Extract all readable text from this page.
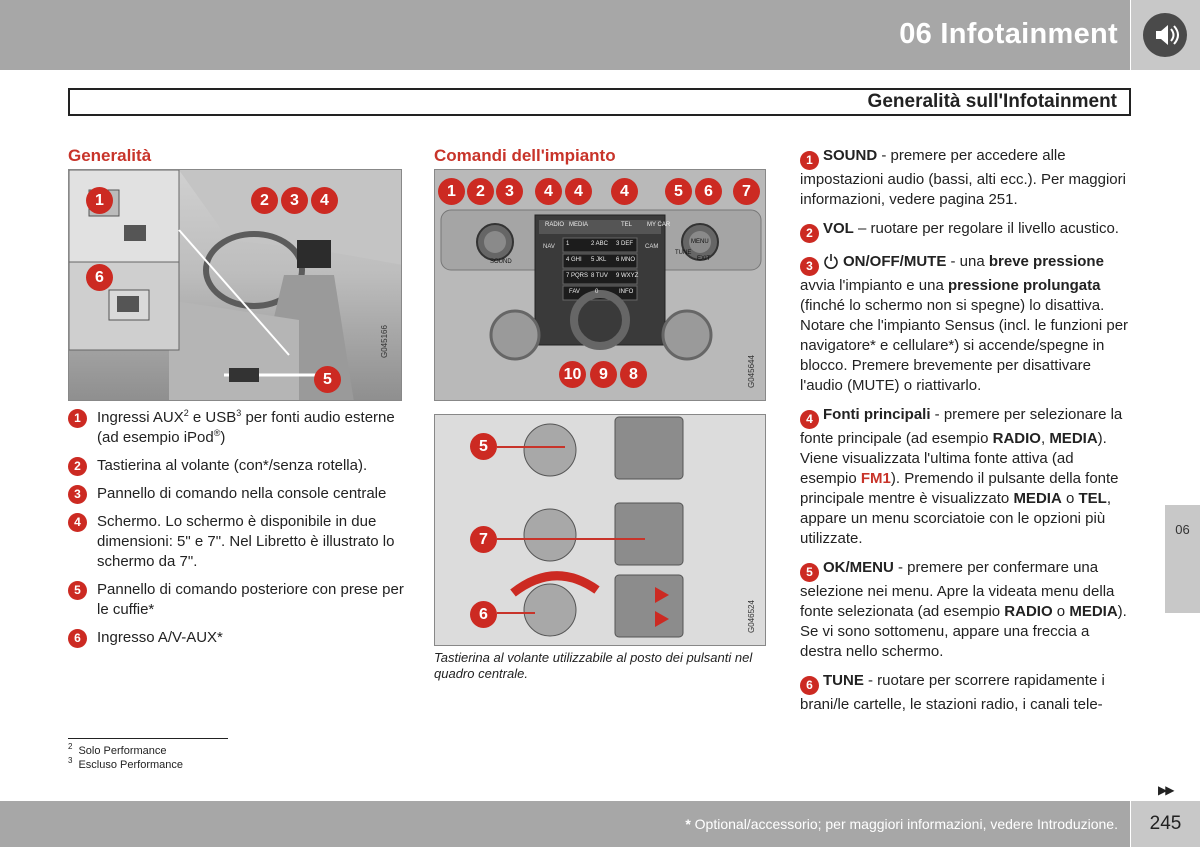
06 Infotainment
Generalità sull'Infotainment
Generalità
1	2	3	4
5
6
G045166
1	Ingressi AUX$^2$ e USB$^3$ per fonti audio esterne (ad esempio iPod®)
2	Tastierina al volante (con*/senza rotella).
3	Pannello di comando nella console centrale
4	Schermo. Lo schermo è disponibile in due dimensioni: 5" e 7". Nel Libretto è illustrato lo schermo da 7".
5	Pannello di comando posteriore con prese per le cuffie*
6	Ingresso A/V-AUX*
$^2$ Solo Performance
$^3$ Escluso Performance
Comandi dell'impianto
RADIO MEDIA	TEL MY CAR
SOUND
NAV	CAM
MENU
TUNE
EXIT
1	2 ABC 3 DEF
4 GHI 5 JKL 6 MNO
7 PQRS 8 TUV 9 WXYZ
0
FAV	INFO
1	2	3	4	4	4	5	6	7
10	9	8	G045644
5
7
6	G046524
Tastierina al volante utilizzabile al posto dei pulsanti nel quadro centrale.

1 SOUND - premere per accedere alle impostazioni audio (bassi, alti ecc.). Per maggiori informazioni, vedere pagina 251.

2 VOL – ruotare per regolare il livello acustico.

3 ON/OFF/MUTE - una breve pressione avvia l'impianto e una pressione prolungata (finché lo schermo non si spegne) lo disattiva. Notare che l'impianto Sensus (incl. le funzioni per navigatore* e cellulare*) si accende/spegne in blocco. Premere brevemente per disattivare l'audio (MUTE) o riattivarlo.

4 Fonti principali - premere per selezionare la fonte principale (ad esempio RADIO, MEDIA). Viene visualizzata l'ultima fonte attiva (ad esempio FM1). Premendo il pulsante della fonte principale mentre è visualizzato MEDIA o TEL, appare un menu scorciatoie con le opzioni più utilizzate.

5 OK/MENU - premere per confermare una selezione nei menu. Apre la videata menu della fonte selezionata (ad esempio RADIO o MEDIA). Se vi sono sottomenu, appare una freccia a destra nello schermo.

6 TUNE - ruotare per scorrere rapidamente i brani/le cartelle, le stazioni radio, i canali tele-

06
▶▶
* Optional/accessorio; per maggiori informazioni, vedere Introduzione.	245
